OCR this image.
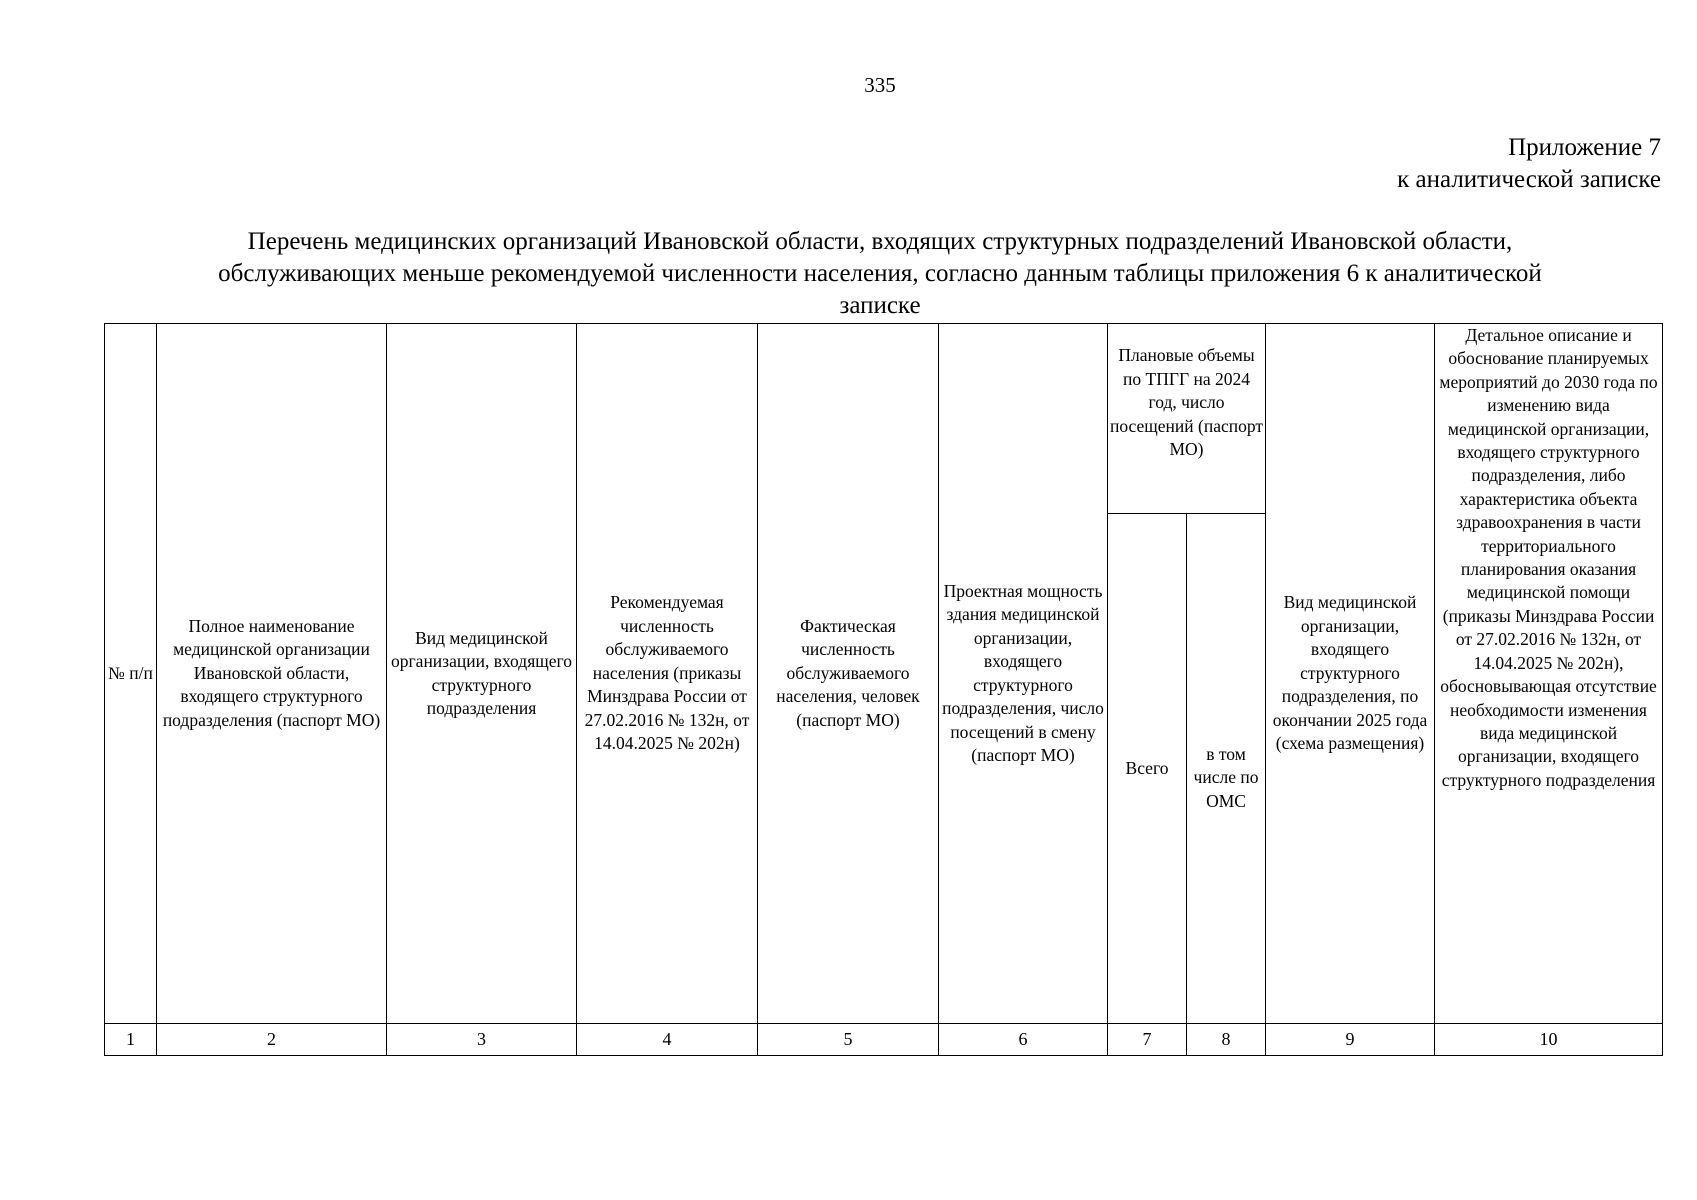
335
Приложение 7
к аналитической записке
Перечень медицинских организаций Ивановской области, входящих структурных подразделений Ивановской области,
обслуживающих меньше рекомендуемой численности населения, согласно данным таблицы приложения 6 к аналитической
записке
№ п/п	Полное наименование медицинской организации Ивановской области, входящего структурного подразделения (паспорт МО)	Вид медицинской организации, входящего структурного подразделения	Рекомендуемая численность обслуживаемого населения (приказы Минздрава России от 27.02.2016 № 132н, от 14.04.2025 № 202н)	Фактическая численность обслуживаемого населения, человек (паспорт МО)	Проектная мощность здания медицинской организации, входящего структурного подразделения, число посещений в смену (паспорт МО)	Плановые объемы по ТПГГ на 2024 год, число посещений (паспорт МО)		Вид медицинской организации, входящего структурного подразделения, по окончании 2025 года (схема размещения)	Детальное описание и обоснование планируемых мероприятий до 2030 года по изменению вида медицинской организации, входящего структурного подразделения, либо характеристика объекта здравоохранения в части территориального планирования оказания медицинской помощи (приказы Минздрава России от 27.02.2016 № 132н, от 14.04.2025 № 202н), обосновывающая отсутствие необходимости изменения вида медицинской организации, входящего структурного подразделения
						Всего	в том числе по ОМС		

1	2	3	4	5	6	7	8	9	10
